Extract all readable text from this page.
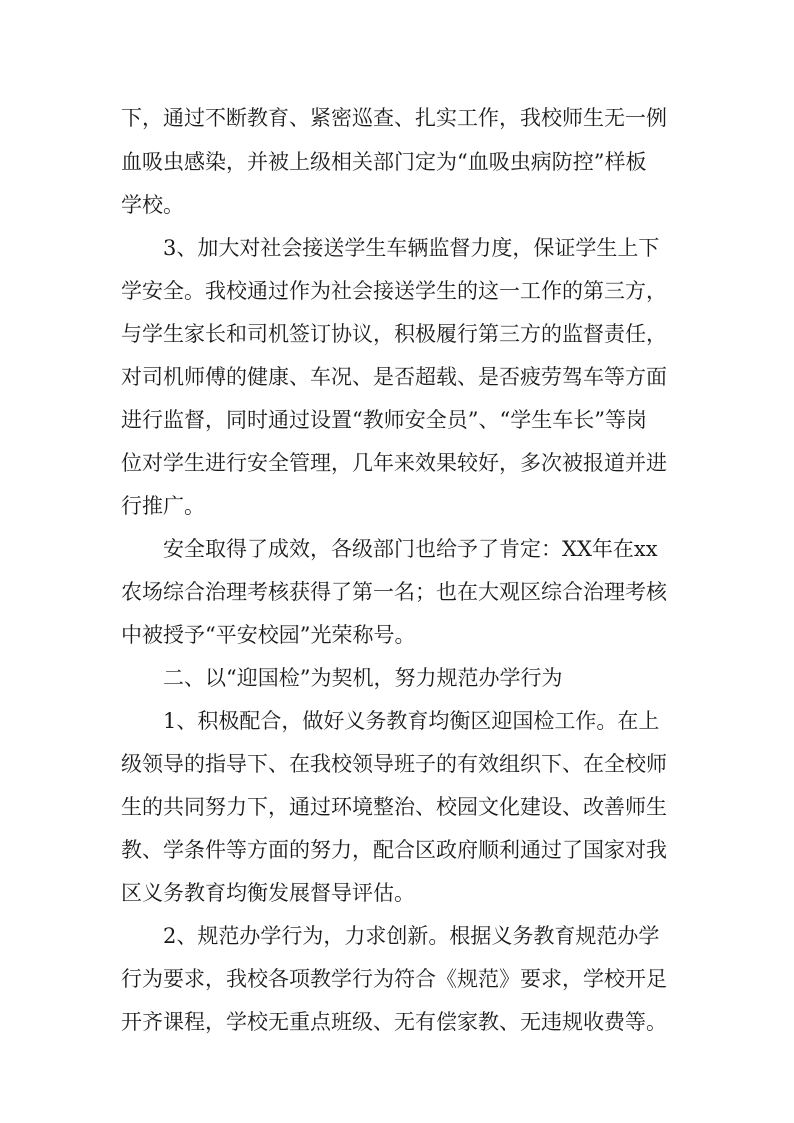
下，通过不断教育、紧密巡查、扎实工作，我校师生无一例
血吸虫感染，并被上级相关部门定为“血吸虫病防控”样板
学校。
3、加大对社会接送学生车辆监督力度，保证学生上下
学安全。我校通过作为社会接送学生的这一工作的第三方，
与学生家长和司机签订协议，积极履行第三方的监督责任，
对司机师傅的健康、车况、是否超载、是否疲劳驾车等方面
进行监督，同时通过设置“教师安全员”、“学生车长”等岗
位对学生进行安全管理，几年来效果较好，多次被报道并进
行推广。
安全取得了成效，各级部门也给予了肯定：XX年在xx
农场综合治理考核获得了第一名；也在大观区综合治理考核
中被授予“平安校园”光荣称号。
二、以“迎国检”为契机，努力规范办学行为
1、积极配合，做好义务教育均衡区迎国检工作。在上
级领导的指导下、在我校领导班子的有效组织下、在全校师
生的共同努力下，通过环境整治、校园文化建设、改善师生
教、学条件等方面的努力，配合区政府顺利通过了国家对我
区义务教育均衡发展督导评估。
2、规范办学行为，力求创新。根据义务教育规范办学
行为要求，我校各项教学行为符合《规范》要求，学校开足
开齐课程，学校无重点班级、无有偿家教、无违规收费等。
